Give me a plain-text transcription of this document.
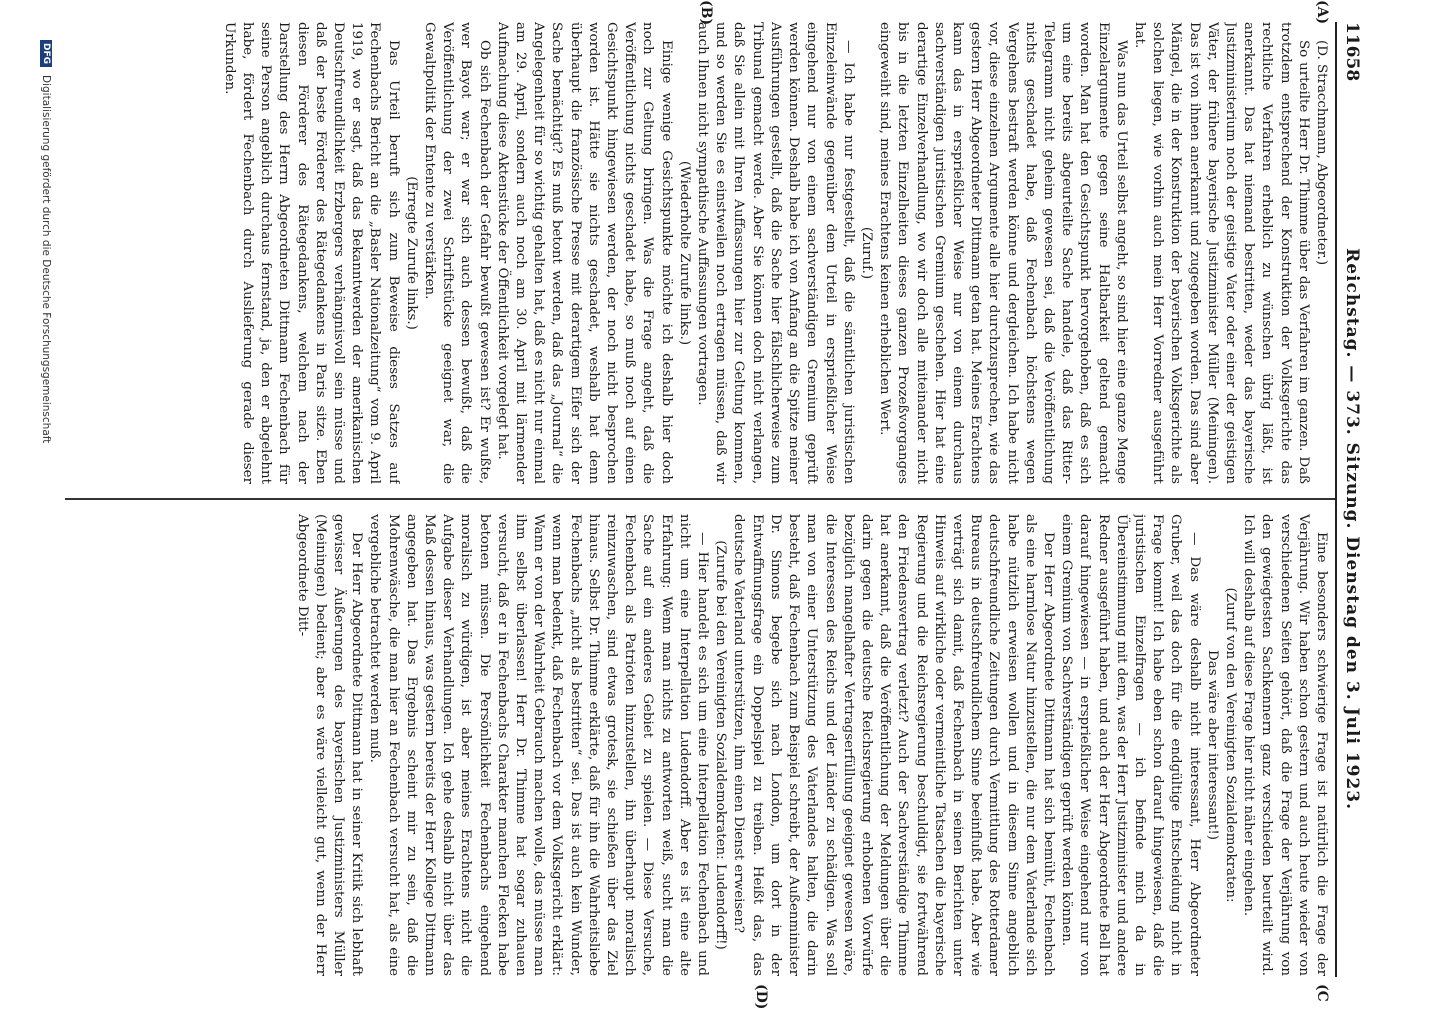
11658
Reichstag. — 373. Sitzung. Dienstag den 3. Juli 1923.
(A)
(B)
(C
(D)

(D. Stracchmann, Abgeordneter.)

So urteilte Herr Dr. Thimme über das Verfahren im ganzen. Daß trotzdem entsprechend der Konstruktion der Volksgerichte das rechtliche Verfahren erheblich zu wünschen übrig läßt, ist anerkannt. Das hat niemand bestritten, weder das bayerische Justizministerium noch der geistige Vater oder einer der geistigen Väter, der frühere bayerische Justizminister Müller (Meiningen). Das ist von ihnen anerkannt und zugegeben worden. Das sind aber Mängel, die in der Konstruktion der bayerischen Volksgerichte als solchen liegen, wie vorhin auch mein Herr Vorredner ausgeführt hat.

Was nun das Urteil selbst angeht, so sind hier eine ganze Menge Einzelargumente gegen seine Haltbarkeit geltend gemacht worden. Man hat den Gesichtspunkt hervorgehoben, daß es sich um eine bereits abgeurteilte Sache handele, daß das Ritter-Telegramm nicht geheim gewesen sei, daß die Veröffentlichung nichts geschadet habe, daß Fechenbach höchstens wegen Vergehens bestraft werden könne und dergleichen. Ich habe nicht vor, diese einzelnen Argumente alle hier durchzusprechen, wie das gestern Herr Abgeordneter Dittmann getan hat. Meines Erachtens kann das in ersprießlicher Weise nur von einem durchaus sachverständigen juristischen Gremium geschehen. Hier hat eine derartige Einzelverhandlung, wo wir doch alle miteinander nicht bis in die letzten Einzelheiten dieses ganzen Prozeßvorganges eingeweiht sind, meines Erachtens keinen erheblichen Wert.

(Zuruf.)

— Ich habe nur festgestellt, daß die sämtlichen juristischen Einzeleinwände gegenüber dem Urteil in ersprießlicher Weise eingehend nur von einem sachverständigen Gremium geprüft werden können. Deshalb habe ich von Anfang an die Spitze meiner Ausführungen gestellt, daß die Sache hier fälschlicherweise zum Tribunal gemacht werde. Aber Sie können doch nicht verlangen, daß Sie allein mit Ihren Auffassungen hier zur Geltung kommen, und so werden Sie es einstweilen noch ertragen müssen, daß wir auch Ihnen nicht sympathische Auffassungen vortragen.

(Wiederholte Zurufe links.)

Einige wenige Gesichtspunkte möchte ich deshalb hier doch noch zur Geltung bringen. Was die Frage angeht, daß die Veröffentlichung nichts geschadet habe, so muß noch auf einen Gesichtspunkt hingewiesen werden, der noch nicht besprochen worden ist. Hätte sie nichts geschadet, weshalb hat denn überhaupt die französische Presse mit derartigem Eifer sich der Sache bemächtigt? Es muß betont werden, daß das „Journal“ die Angelegenheit für so wichtig gehalten hat, daß es nicht nur einmal am 29. April, sondern auch noch am 30. April mit lärmender Aufmachung diese Aktenstücke der Öffentlichkeit vorgelegt hat.

Ob sich Fechenbach der Gefahr bewußt gewesen ist? Er wußte, wer Bayot war; er war sich auch dessen bewußt, daß die Veröffentlichung der zwei Schriftstücke geeignet war, die Gewaltpolitik der Entente zu verstärken.

(Erregte Zurufe links.)

Das Urteil beruft sich zum Beweise dieses Satzes auf Fechenbachs Bericht an die „Basler Nationalzeitung“ vom 9. April 1919, wo er sagt, daß das Bekanntwerden der amerikanischen Deutschfreundlichkeit Erzbergers verhängnisvoll sein müsse und daß der beste Förderer des Rätegedankens in Paris sitze. Eben diesen Förderer des Rätegedankens, welchem nach der Darstellung des Herrn Abgeordneten Dittmann Fechenbach für seine Person angeblich durchaus fernstand, ja, den er abgelehnt habe, fördert Fechenbach durch Auslieferung gerade dieser Urkunden.

Eine besonders schwierige Frage ist natürlich die Frage der Verjährung. Wir haben schon gestern und auch heute wieder von verschiedenen Seiten gehört, daß die Frage der Verjährung von den gewiegtesten Sachkennern ganz verschieden beurteilt wird. Ich will deshalb auf diese Frage hier nicht näher eingehen.

(Zuruf von den Vereinigten Sozialdemokraten:

Das wäre aber interessant!)

— Das wäre deshalb nicht interessant, Herr Abgeordneter Gruber, weil das doch für die endgültige Entscheidung nicht in Frage kommt! Ich habe eben schon darauf hingewiesen, daß die juristischen Einzelfragen — ich befinde mich da in Übereinstimmung mit dem, was der Herr Justizminister und andere Redner ausgeführt haben, und auch der Herr Abgeordnete Bell hat darauf hingewiesen — in ersprießlicher Weise eingehend nur von einem Gremium von Sachverständigen geprüft werden können.

Der Herr Abgeordnete Dittmann hat sich bemüht, Fechenbach als eine harmlose Natur hinzustellen, die nur dem Vaterlande sich habe nützlich erweisen wollen und in diesem Sinne angeblich deutschfreundliche Zeitungen durch Vermittlung des Rotterdamer Bureaus in deutschfreundlichem Sinne beeinflußt habe. Aber wie verträgt sich damit, daß Fechenbach in seinen Berichten unter Hinweis auf wirkliche oder vermeintliche Tatsachen die bayerische Regierung und die Reichsregierung beschuldigt, sie fortwährend den Friedensvertrag verletzt? Auch der Sachverständige Thimme hat anerkannt, daß die Veröffentlichung der Meldungen über die darin gegen die deutsche Reichsregierung erhobenen Vorwürfe bezüglich mangelhafter Vertragserfüllung geeignet gewesen wäre, die Interessen des Reichs und der Länder zu schädigen. Was soll man von einer Unterstützung des Vaterlandes halten, die darin besteht, daß Fechenbach zum Beispiel schreibt, der Außenminister Dr. Simons begebe sich nach London, um dort in der Entwaffnungsfrage ein Doppelspiel zu treiben. Heißt das, das deutsche Vaterland unterstützen, ihm einen Dienst erweisen?

(Zurufe bei den Vereinigten Sozialdemokraten: Ludendorff!)

— Hier handelt es sich um eine Interpellation Fechenbach und nicht um eine Interpellation Ludendorff. Aber es ist eine alte Erfahrung: Wenn man nichts zu antworten weiß, sucht man die Sache auf ein anderes Gebiet zu spielen. — Diese Versuche, Fechenbach als Patrioten hinzustellen, ihn überhaupt moralisch reinzuwaschen, sind etwas grotesk, sie schießen über das Ziel hinaus. Selbst Dr. Thimme erklärte, daß für ihn die Wahrheitsliebe Fechenbachs „nicht als bestritten“ sei. Das ist auch kein Wunder, wenn man bedenkt, daß Fechenbach vor dem Volksgericht erklärt: Wann er von der Wahrheit Gebrauch machen wolle, das müsse man ihm selbst überlassen! Herr Dr. Thimme hat sogar zuhauen versucht, daß er in Fechenbachs Charakter manchen Flecken habe betonen müssen. Die Persönlichkeit Fechenbachs eingehend moralisch zu würdigen, ist aber meines Erachtens nicht die Aufgabe dieser Verhandlungen. Ich gehe deshalb nicht über das Maß dessen hinaus, was gestern bereits der Herr Kollege Dittmann angegeben hat. Das Ergebnis scheint mir zu sein, daß die Mohrenwäsche, die man hier an Fechenbach versucht hat, als eine vergebliche betrachtet werden muß.

Der Herr Abgeordnete Dittmann hat in seiner Kritik sich lebhaft gewisser Äußerungen des bayerischen Justizministers Müller (Meiningen) bedient; aber es wäre vielleicht gut, wenn der Herr Abgeordnete Ditt-

DFG
Digitalisierung gefördert durch die Deutsche Forschungsgemeinschaft
